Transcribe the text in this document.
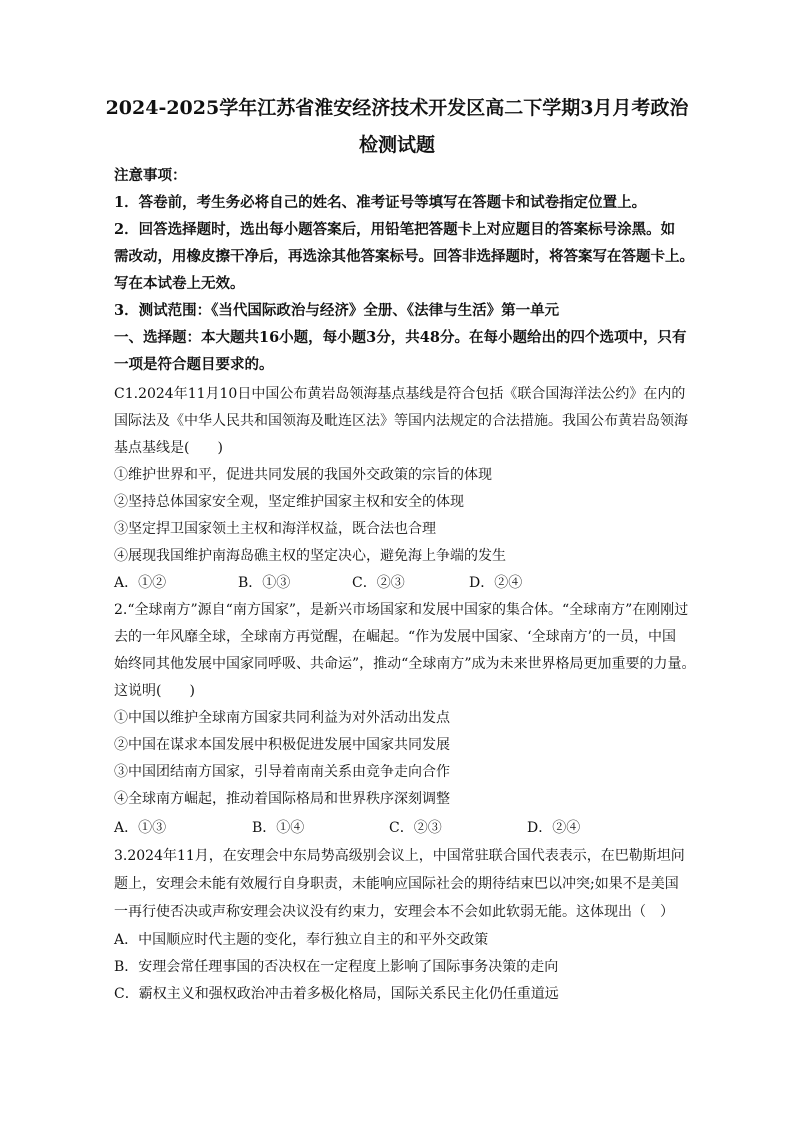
2024-2025学年江苏省淮安经济技术开发区高二下学期3月月考政治
检测试题
注意事项：
1．答卷前，考生务必将自己的姓名、准考证号等填写在答题卡和试卷指定位置上。
2．回答选择题时，选出每小题答案后，用铅笔把答题卡上对应题目的答案标号涂黑。如
需改动，用橡皮擦干净后，再选涂其他答案标号。回答非选择题时，将答案写在答题卡上。
写在本试卷上无效。
3．测试范围：《当代国际政治与经济》全册、《法律与生活》第一单元
一、选择题：本大题共16小题，每小题3分，共48分。在每小题给出的四个选项中，只有
一项是符合题目要求的。
C1.2024年11月10日中国公布黄岩岛领海基点基线是符合包括《联合国海洋法公约》在内的
国际法及《中华人民共和国领海及毗连区法》等国内法规定的合法措施。我国公布黄岩岛领海
基点基线是(　　)
①维护世界和平，促进共同发展的我国外交政策的宗旨的体现
②坚持总体国家安全观，坚定维护国家主权和安全的体现
③坚定捍卫国家领土主权和海洋权益，既合法也合理
④展现我国维护南海岛礁主权的坚定决心，避免海上争端的发生
A．①②	B．①③	C．②③	D．②④
2.“全球南方”源自“南方国家”，是新兴市场国家和发展中国家的集合体。“全球南方”在刚刚过
去的一年风靡全球，全球南方再觉醒，在崛起。“作为发展中国家、‘全球南方’的一员，中国
始终同其他发展中国家同呼吸、共命运”，推动“全球南方”成为未来世界格局更加重要的力量。
这说明(　　)
①中国以维护全球南方国家共同利益为对外活动出发点
②中国在谋求本国发展中积极促进发展中国家共同发展
③中国团结南方国家，引导着南南关系由竞争走向合作
④全球南方崛起，推动着国际格局和世界秩序深刻调整
A．①③	B．①④	C．②③	D．②④
3.2024年11月，在安理会中东局势高级别会议上，中国常驻联合国代表表示，在巴勒斯坦问
题上，安理会未能有效履行自身职责，未能响应国际社会的期待结束巴以冲突;如果不是美国
一再行使否决或声称安理会决议没有约束力，安理会本不会如此软弱无能。这体现出（　）
A．中国顺应时代主题的变化，奉行独立自主的和平外交政策
B．安理会常任理事国的否决权在一定程度上影响了国际事务决策的走向
C．霸权主义和强权政治冲击着多极化格局，国际关系民主化仍任重道远
